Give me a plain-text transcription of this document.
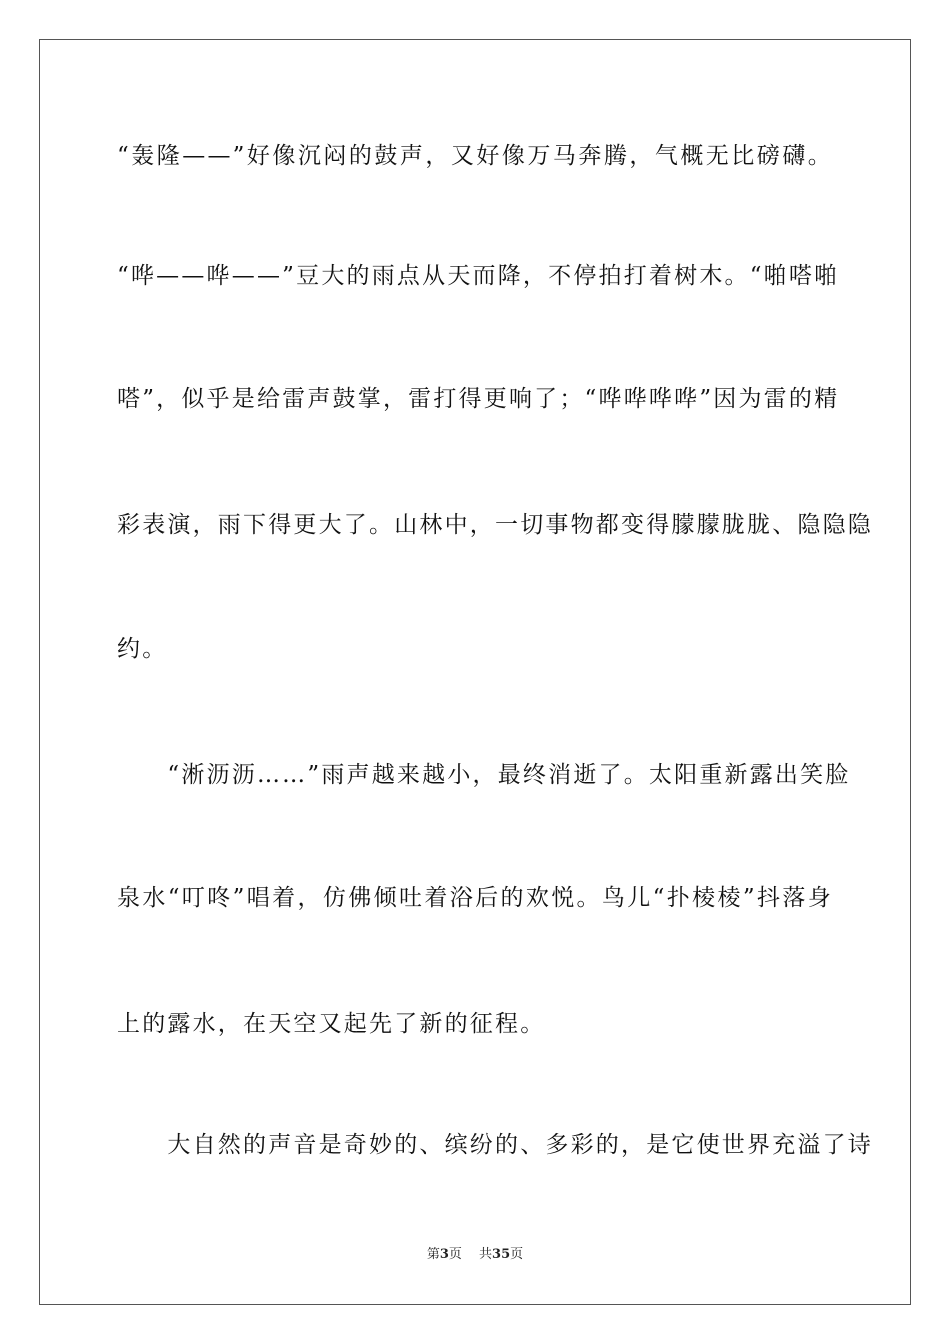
“轰隆——”好像沉闷的鼓声，又好像万马奔腾，气概无比磅礴。
“哗——哗——”豆大的雨点从天而降，不停拍打着树木。“啪嗒啪
嗒”，似乎是给雷声鼓掌，雷打得更响了；“哗哗哗哗”因为雷的精
彩表演，雨下得更大了。山林中，一切事物都变得朦朦胧胧、隐隐隐
约。
　　“淅沥沥……”雨声越来越小，最终消逝了。太阳重新露出笑脸
泉水“叮咚”唱着，仿佛倾吐着浴后的欢悦。鸟儿“扑棱棱”抖落身
上的露水，在天空又起先了新的征程。
　　大自然的声音是奇妙的、缤纷的、多彩的，是它使世界充溢了诗
第3页　 共35页
